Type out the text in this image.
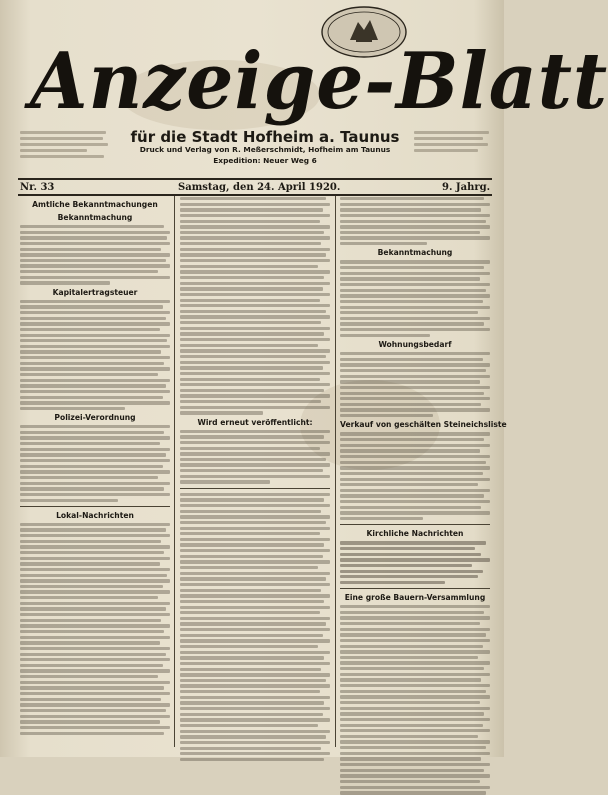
Anzeige-Blatt
für die Stadt Hofheim a. Taunus
Druck und Verlag von R. Meßerschmidt, Hofheim am Taunus
Expedition: Neuer Weg 6
Nr. 33	Samstag, den 24. April 1920.	9. Jahrg.
Amtliche Bekanntmachungen
Bekanntmachung
Kapitalertragsteuer
Polizei-Verordnung
Lokal-Nachrichten
Wird erneut veröffentlicht:
Bekanntmachung
Wohnungsbedarf
Verkauf von geschälten Steineichsliste
Kirchliche Nachrichten
Eine große Bauern-Versammlung
